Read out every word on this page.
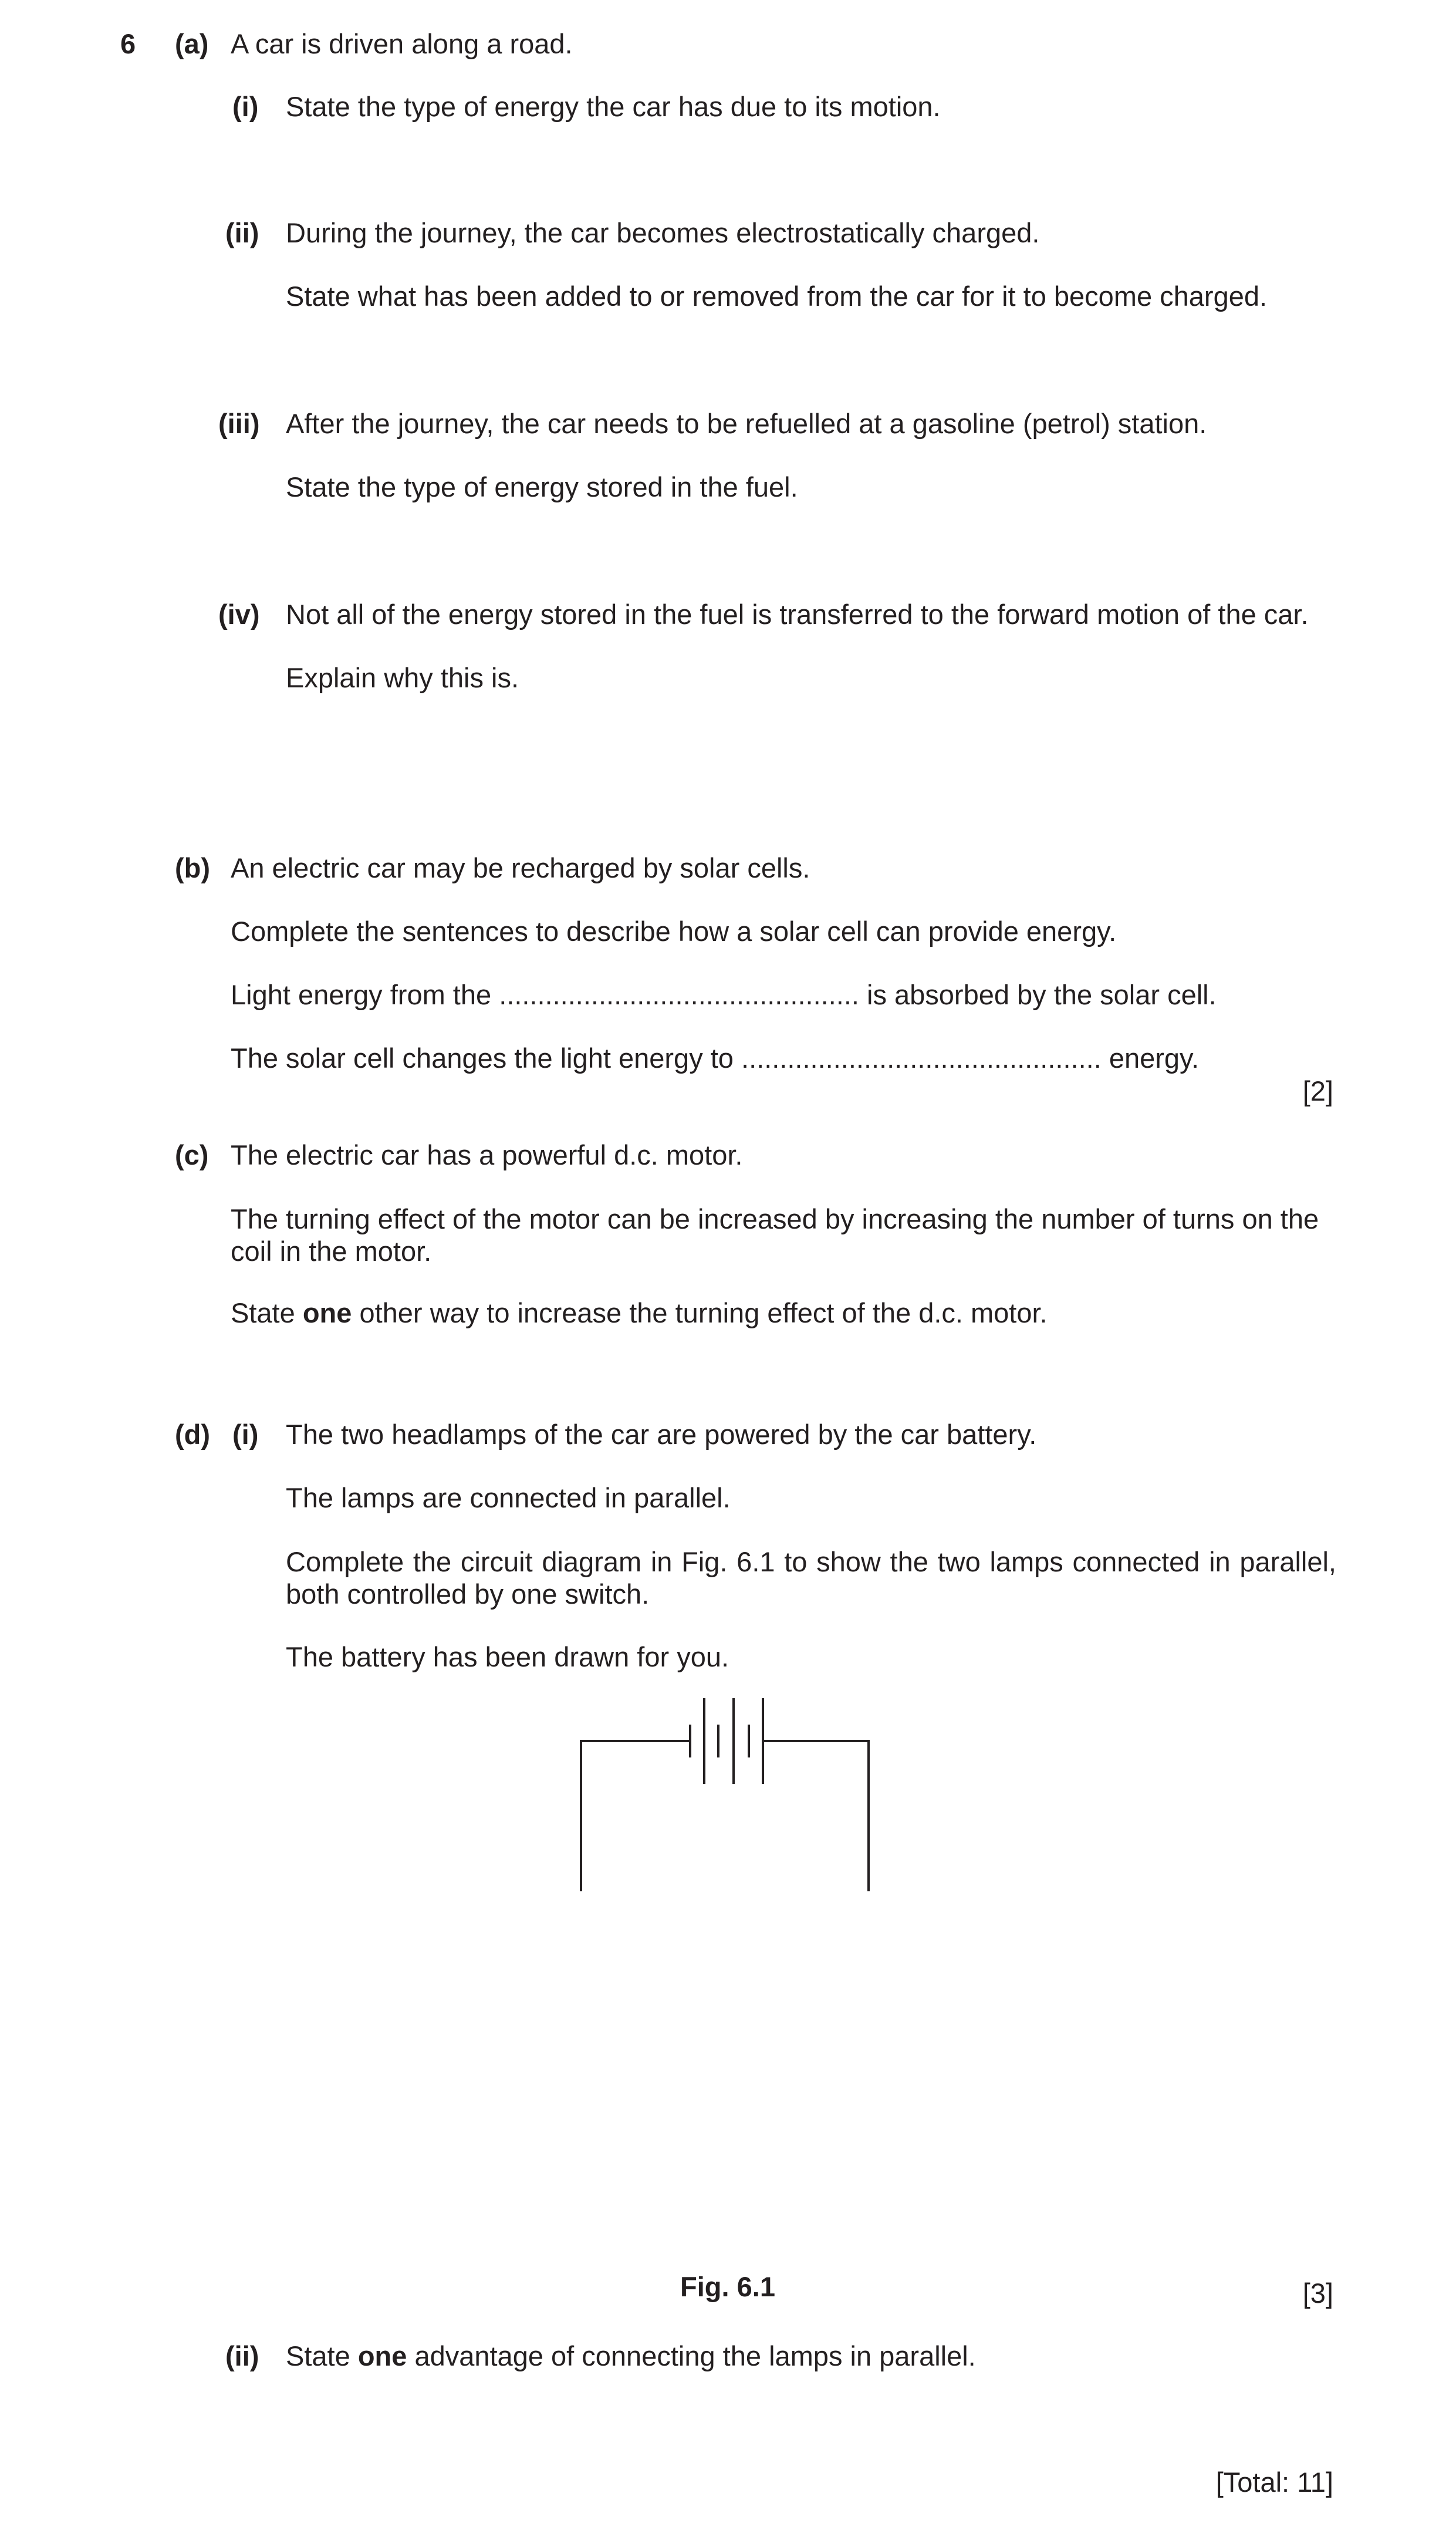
6 (a) A car is driven along a road.

(i) State the type of energy the car has due to its motion.

(ii) During the journey, the car becomes electrostatically charged.

State what has been added to or removed from the car for it to become charged.

(iii) After the journey, the car needs to be refuelled at a gasoline (petrol) station.

State the type of energy stored in the fuel.

(iv) Not all of the energy stored in the fuel is transferred to the forward motion of the car.

Explain why this is.

(b) An electric car may be recharged by solar cells.

Complete the sentences to describe how a solar cell can provide energy.

Light energy from the ............................................... is absorbed by the solar cell.

The solar cell changes the light energy to ............................................... energy.

[2]

(c) The electric car has a powerful d.c. motor.

The turning effect of the motor can be increased by increasing the number of turns on the coil in the motor.

State one other way to increase the turning effect of the d.c. motor.

(d) (i) The two headlamps of the car are powered by the car battery.

The lamps are connected in parallel.

Complete the circuit diagram in Fig. 6.1 to show the two lamps connected in parallel, both controlled by one switch.

The battery has been drawn for you.

Fig. 6.1	[3]

(ii) State one advantage of connecting the lamps in parallel.

[Total: 11]
